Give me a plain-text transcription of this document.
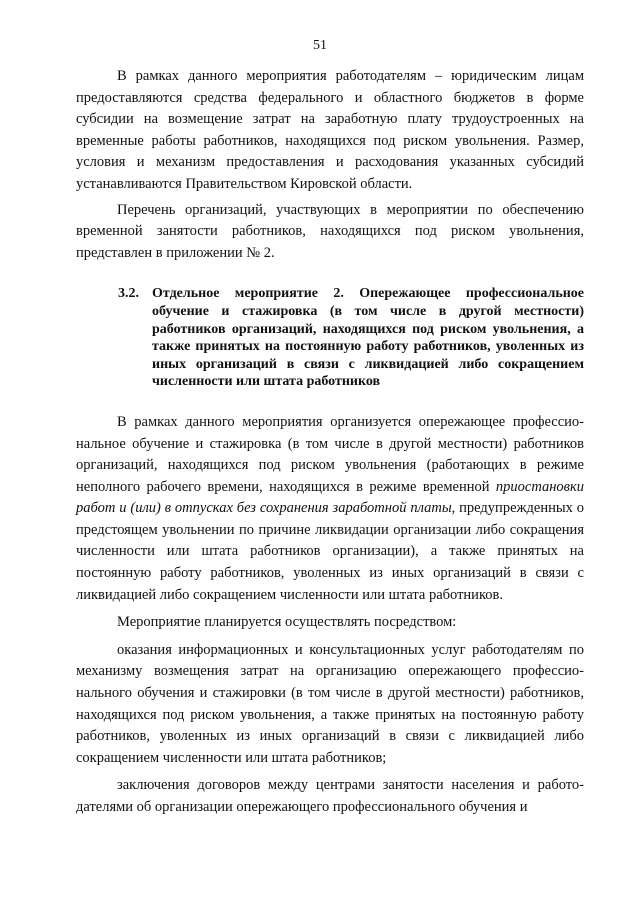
51

В рамках данного мероприятия работодателям – юридическим лицам предоставляются средства федерального и областного бюджетов в форме субсидии на возмещение затрат на заработную плату трудоустроенных на временные работы работников, находящихся под риском увольнения. Размер, условия и механизм предоставления и расходования указанных субсидий устанавливаются Правительством Кировской области.

Перечень организаций, участвующих в мероприятии по обеспечению временной занятости работников, находящихся под риском увольнения, представлен в приложении № 2.

3.2. Отдельное мероприятие 2. Опережающее профессиональное обучение и стажировка (в том числе в другой местности) работников организаций, находящихся под риском увольнения, а также принятых на постоянную работу работников, уволенных из иных организаций в связи с ликвидацией либо сокращением численности или штата работников

В рамках данного мероприятия организуется опережающее профессиональное обучение и стажировка (в том числе в другой местности) работников организаций, находящихся под риском увольнения (работающих в режиме неполного рабочего времени, находящихся в режиме временной приостановки работ и (или) в отпусках без сохранения заработной платы, предупрежденных о предстоящем увольнении по причине ликвидации организации либо сокращения численности или штата работников организации), а также принятых на постоянную работу работников, уволенных из иных организаций в связи с ликвидацией либо сокращением численности или штата работников.

Мероприятие планируется осуществлять посредством:

оказания информационных и консультационных услуг работодателям по механизму возмещения затрат на организацию опережающего профессионального обучения и стажировки (в том числе в другой местности) работников, находящихся под риском увольнения, а также принятых на постоянную работу работников, уволенных из иных организаций в связи с ликвидацией либо сокращением численности или штата работников;

заключения договоров между центрами занятости населения и работодателями об организации опережающего профессионального обучения и
